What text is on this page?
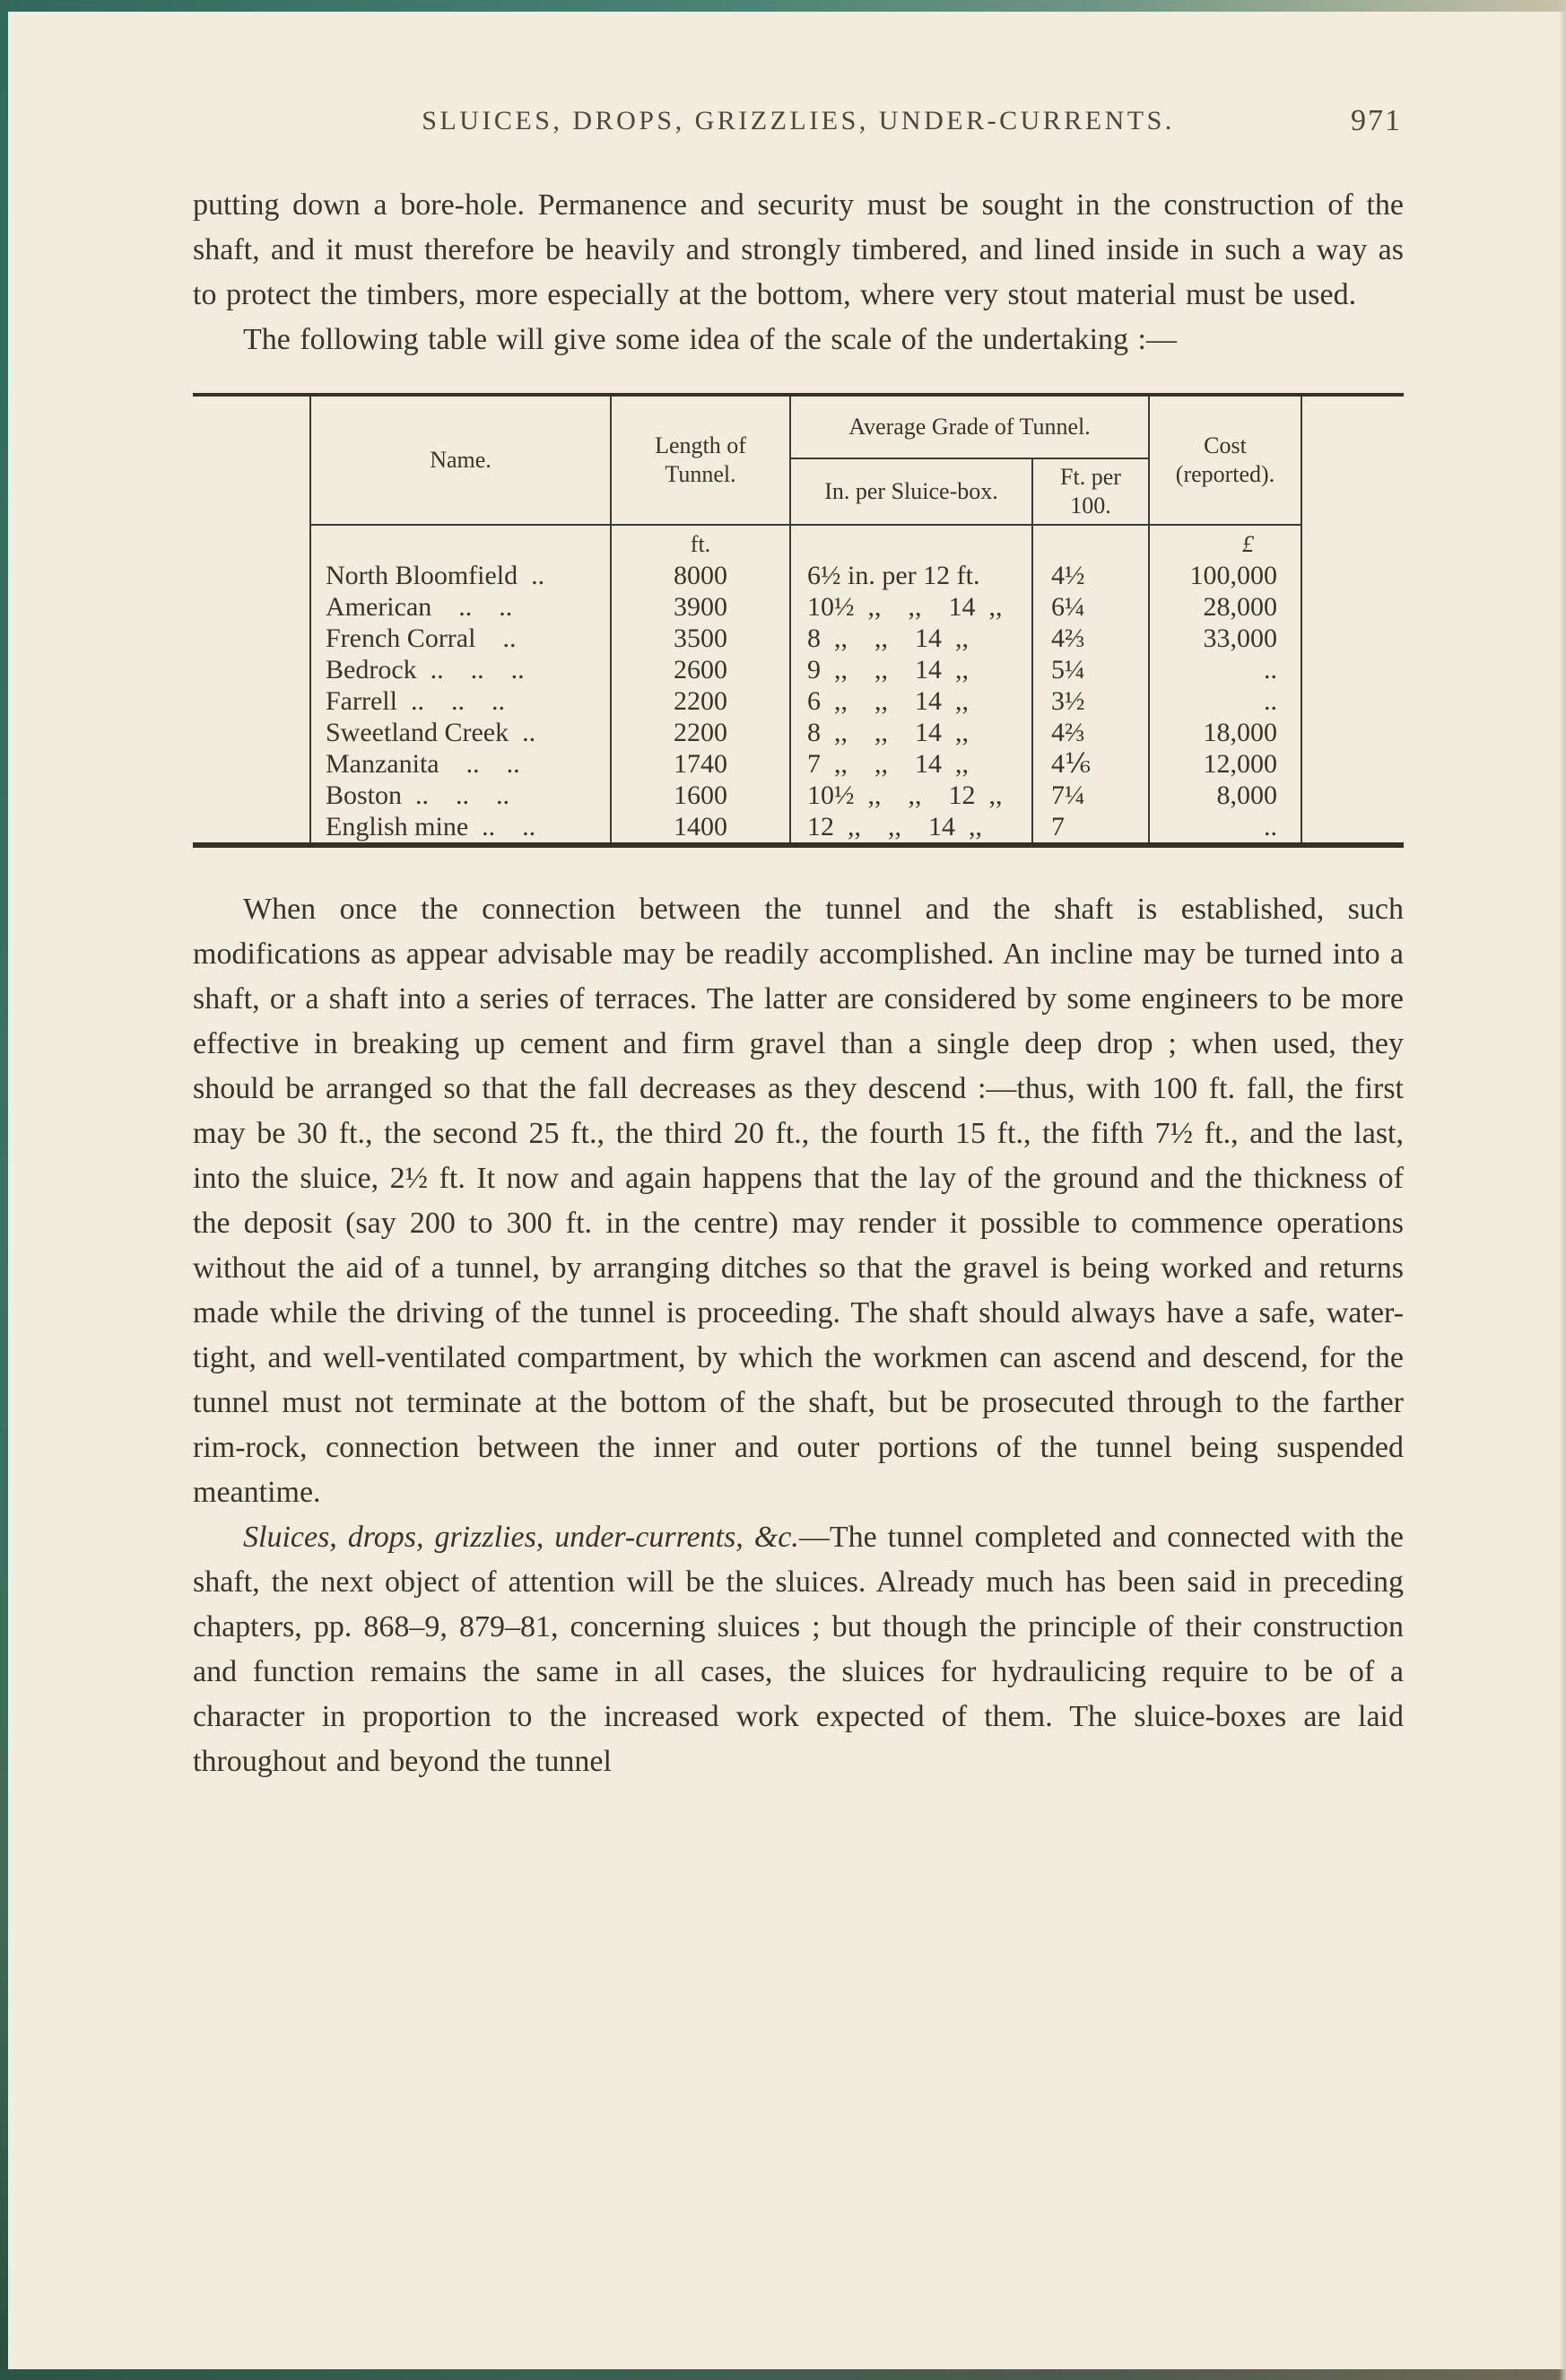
SLUICES, DROPS, GRIZZLIES, UNDER-CURRENTS.	971

putting down a bore-hole. Permanence and security must be sought in the construction of the shaft, and it must therefore be heavily and strongly timbered, and lined inside in such a way as to protect the timbers, more especially at the bottom, where very stout material must be used.

The following table will give some idea of the scale of the undertaking :—

Name.	Length of Tunnel.	Average Grade of Tunnel.		Cost
(reported).
		In. per Sluice-box.	Ft. per 100.	
	ft.			£
North Bloomfield ..	8000	6½ in. per 12 ft.	4½	100,000
American  ..  ..	3900	10½ ,,  ,,  14 ,,	6¼	28,000
French Corral  ..	3500	8 ,,  ,,  14 ,,	4⅔	33,000
Bedrock ..  ..  ..	2600	9 ,,  ,,  14 ,,	5¼	..
Farrell ..  ..  ..	2200	6 ,,  ,,  14 ,,	3½	..
Sweetland Creek ..	2200	8 ,,  ,,  14 ,,	4⅔	18,000
Manzanita  ..  ..	1740	7 ,,  ,,  14 ,,	4⅙	12,000
Boston ..  ..  ..	1600	10½ ,,  ,,  12 ,,	7¼	8,000
English mine ..  ..	1400	12 ,,  ,,  14 ,,	7	..

When once the connection between the tunnel and the shaft is established, such modifications as appear advisable may be readily accomplished. An incline may be turned into a shaft, or a shaft into a series of terraces. The latter are considered by some engineers to be more effective in breaking up cement and firm gravel than a single deep drop ; when used, they should be arranged so that the fall decreases as they descend :—thus, with 100 ft. fall, the first may be 30 ft., the second 25 ft., the third 20 ft., the fourth 15 ft., the fifth 7½ ft., and the last, into the sluice, 2½ ft. It now and again happens that the lay of the ground and the thickness of the deposit (say 200 to 300 ft. in the centre) may render it possible to commence operations without the aid of a tunnel, by arranging ditches so that the gravel is being worked and returns made while the driving of the tunnel is proceeding. The shaft should always have a safe, water-tight, and well-ventilated compartment, by which the workmen can ascend and descend, for the tunnel must not terminate at the bottom of the shaft, but be prosecuted through to the farther rim-rock, connection between the inner and outer portions of the tunnel being suspended meantime.

Sluices, drops, grizzlies, under-currents, &c.—The tunnel completed and connected with the shaft, the next object of attention will be the sluices. Already much has been said in preceding chapters, pp. 868–9, 879–81, concerning sluices ; but though the principle of their construction and function remains the same in all cases, the sluices for hydraulicing require to be of a character in proportion to the increased work expected of them. The sluice-boxes are laid throughout and beyond the tunnel
